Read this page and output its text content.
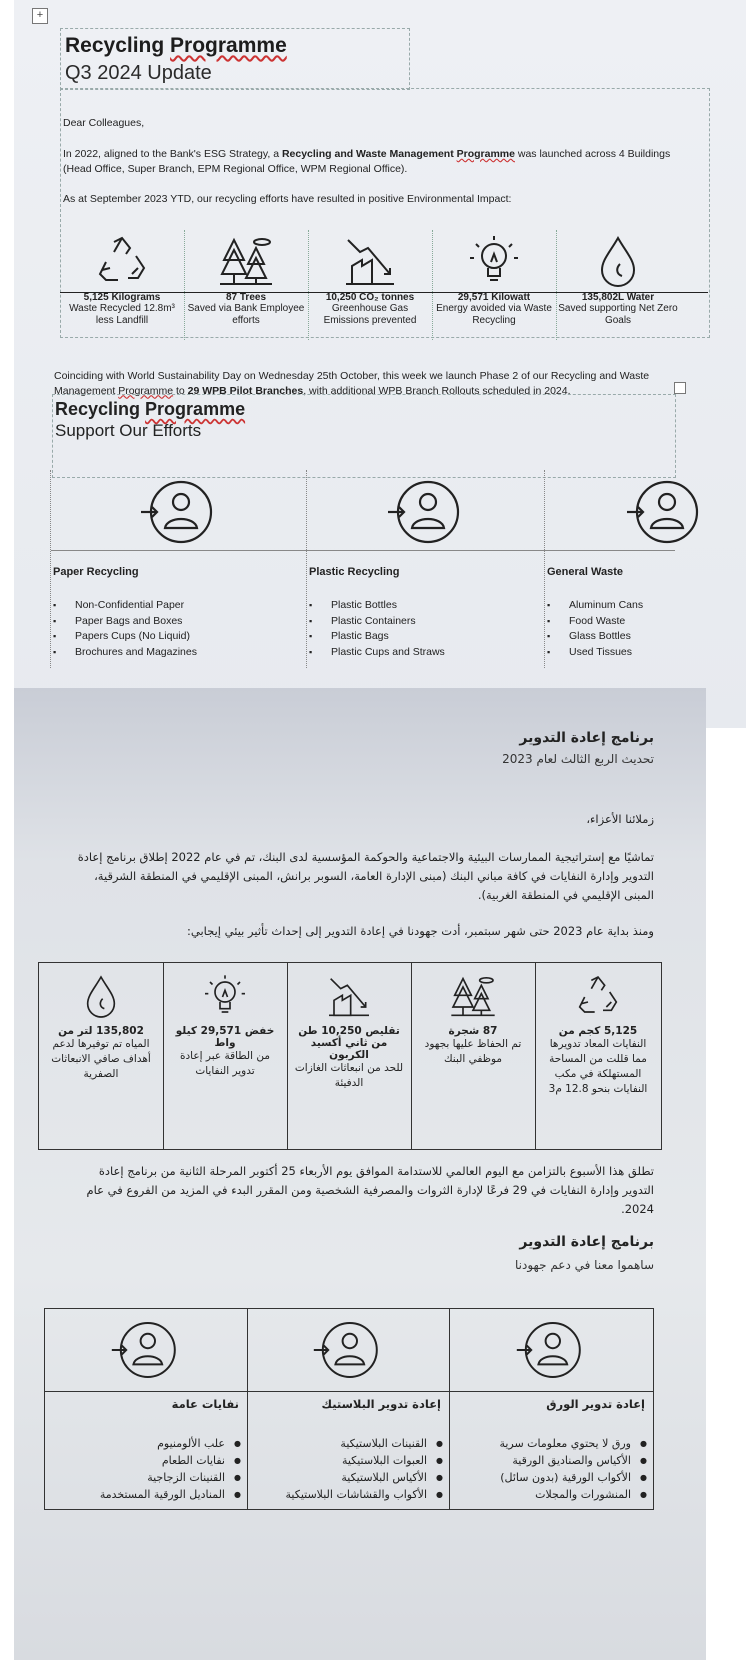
+
Recycling Programme
Q3 2024 Update

Dear Colleagues,

In 2022, aligned to the Bank's ESG Strategy, a Recycling and Waste Management Programme was launched across 4 Buildings (Head Office, Super Branch, EPM Regional Office, WPM Regional Office).

As at September 2023 YTD, our recycling efforts have resulted in positive Environmental Impact:

5,125 Kilograms
Waste Recycled 12.8m³ less Landfill
87 Trees
Saved via Bank Employee efforts
10,250 CO₂ tonnes
Greenhouse Gas Emissions prevented
29,571 Kilowatt
Energy avoided via Waste Recycling
135,802L Water
Saved supporting Net Zero Goals

Coinciding with World Sustainability Day on Wednesday 25th October, this week we launch Phase 2 of our Recycling and Waste Management Programme to 29 WPB Pilot Branches, with additional WPB Branch Rollouts scheduled in 2024.

Recycling Programme
Support Our Efforts
Paper Recycling
▪ Non-Confidential Paper
▪ Paper Bags and Boxes
▪ Papers Cups (No Liquid)
▪ Brochures and Magazines
Plastic Recycling
▪ Plastic Bottles
▪ Plastic Containers
▪ Plastic Bags
▪ Plastic Cups and Straws
General Waste
▪ Aluminum Cans
▪ Food Waste
▪ Glass Bottles
▪ Used Tissues
برنامج إعادة التدوير
تحديث الربع الثالث لعام 2023
زملائنا الأعزاء،
تماشيًا مع إستراتيجية الممارسات البيئية والاجتماعية والحوكمة المؤسسية لدى البنك، تم في عام 2022 إطلاق برنامج إعادة التدوير وإدارة النفايات في كافة مباني البنك (مبنى الإدارة العامة، السوبر برانش، المبنى الإقليمي في المنطقة الشرقية، المبنى الإقليمي في المنطقة الغربية).
ومنذ بداية عام 2023 حتى شهر سبتمبر، أدت جهودنا في إعادة التدوير إلى إحداث تأثير بيئي إيجابي:
135,802 لتر من
المياه تم توفيرها لدعم أهداف صافي الانبعاثات الصفرية
خفض 29,571 كيلو واط
من الطاقة عبر إعادة تدوير النفايات
تقليص 10,250 طن من ثاني أكسيد الكربون
للحد من انبعاثات الغازات الدفيئة
87 شجرة
تم الحفاظ عليها بجهود موظفي البنك
5,125 كجم من
النفايات المعاد تدويرها مما قللت من المساحة المستهلكة في مكب النفايات بنحو 12.8 م3
تطلق هذا الأسبوع بالتزامن مع اليوم العالمي للاستدامة الموافق يوم الأربعاء 25 أكتوبر المرحلة الثانية من برنامج إعادة التدوير وإدارة النفايات في 29 فرعًا لإدارة الثروات والمصرفية الشخصية ومن المقرر البدء في المزيد من الفروع في عام 2024.
برنامج إعادة التدوير
ساهموا معنا في دعم جهودنا
نفايات عامة
● علب الألومنيوم
● نفايات الطعام
● القنينات الزجاجية
● المناديل الورقية المستخدمة
إعادة تدوير البلاستيك
● القنينات البلاستيكية
● العبوات البلاستيكية
● الأكياس البلاستيكية
● الأكواب والقشاشات البلاستيكية
إعادة تدوير الورق
● ورق لا يحتوي معلومات سرية
● الأكياس والصناديق الورقية
● الأكواب الورقية (بدون سائل)
● المنشورات والمجلات
